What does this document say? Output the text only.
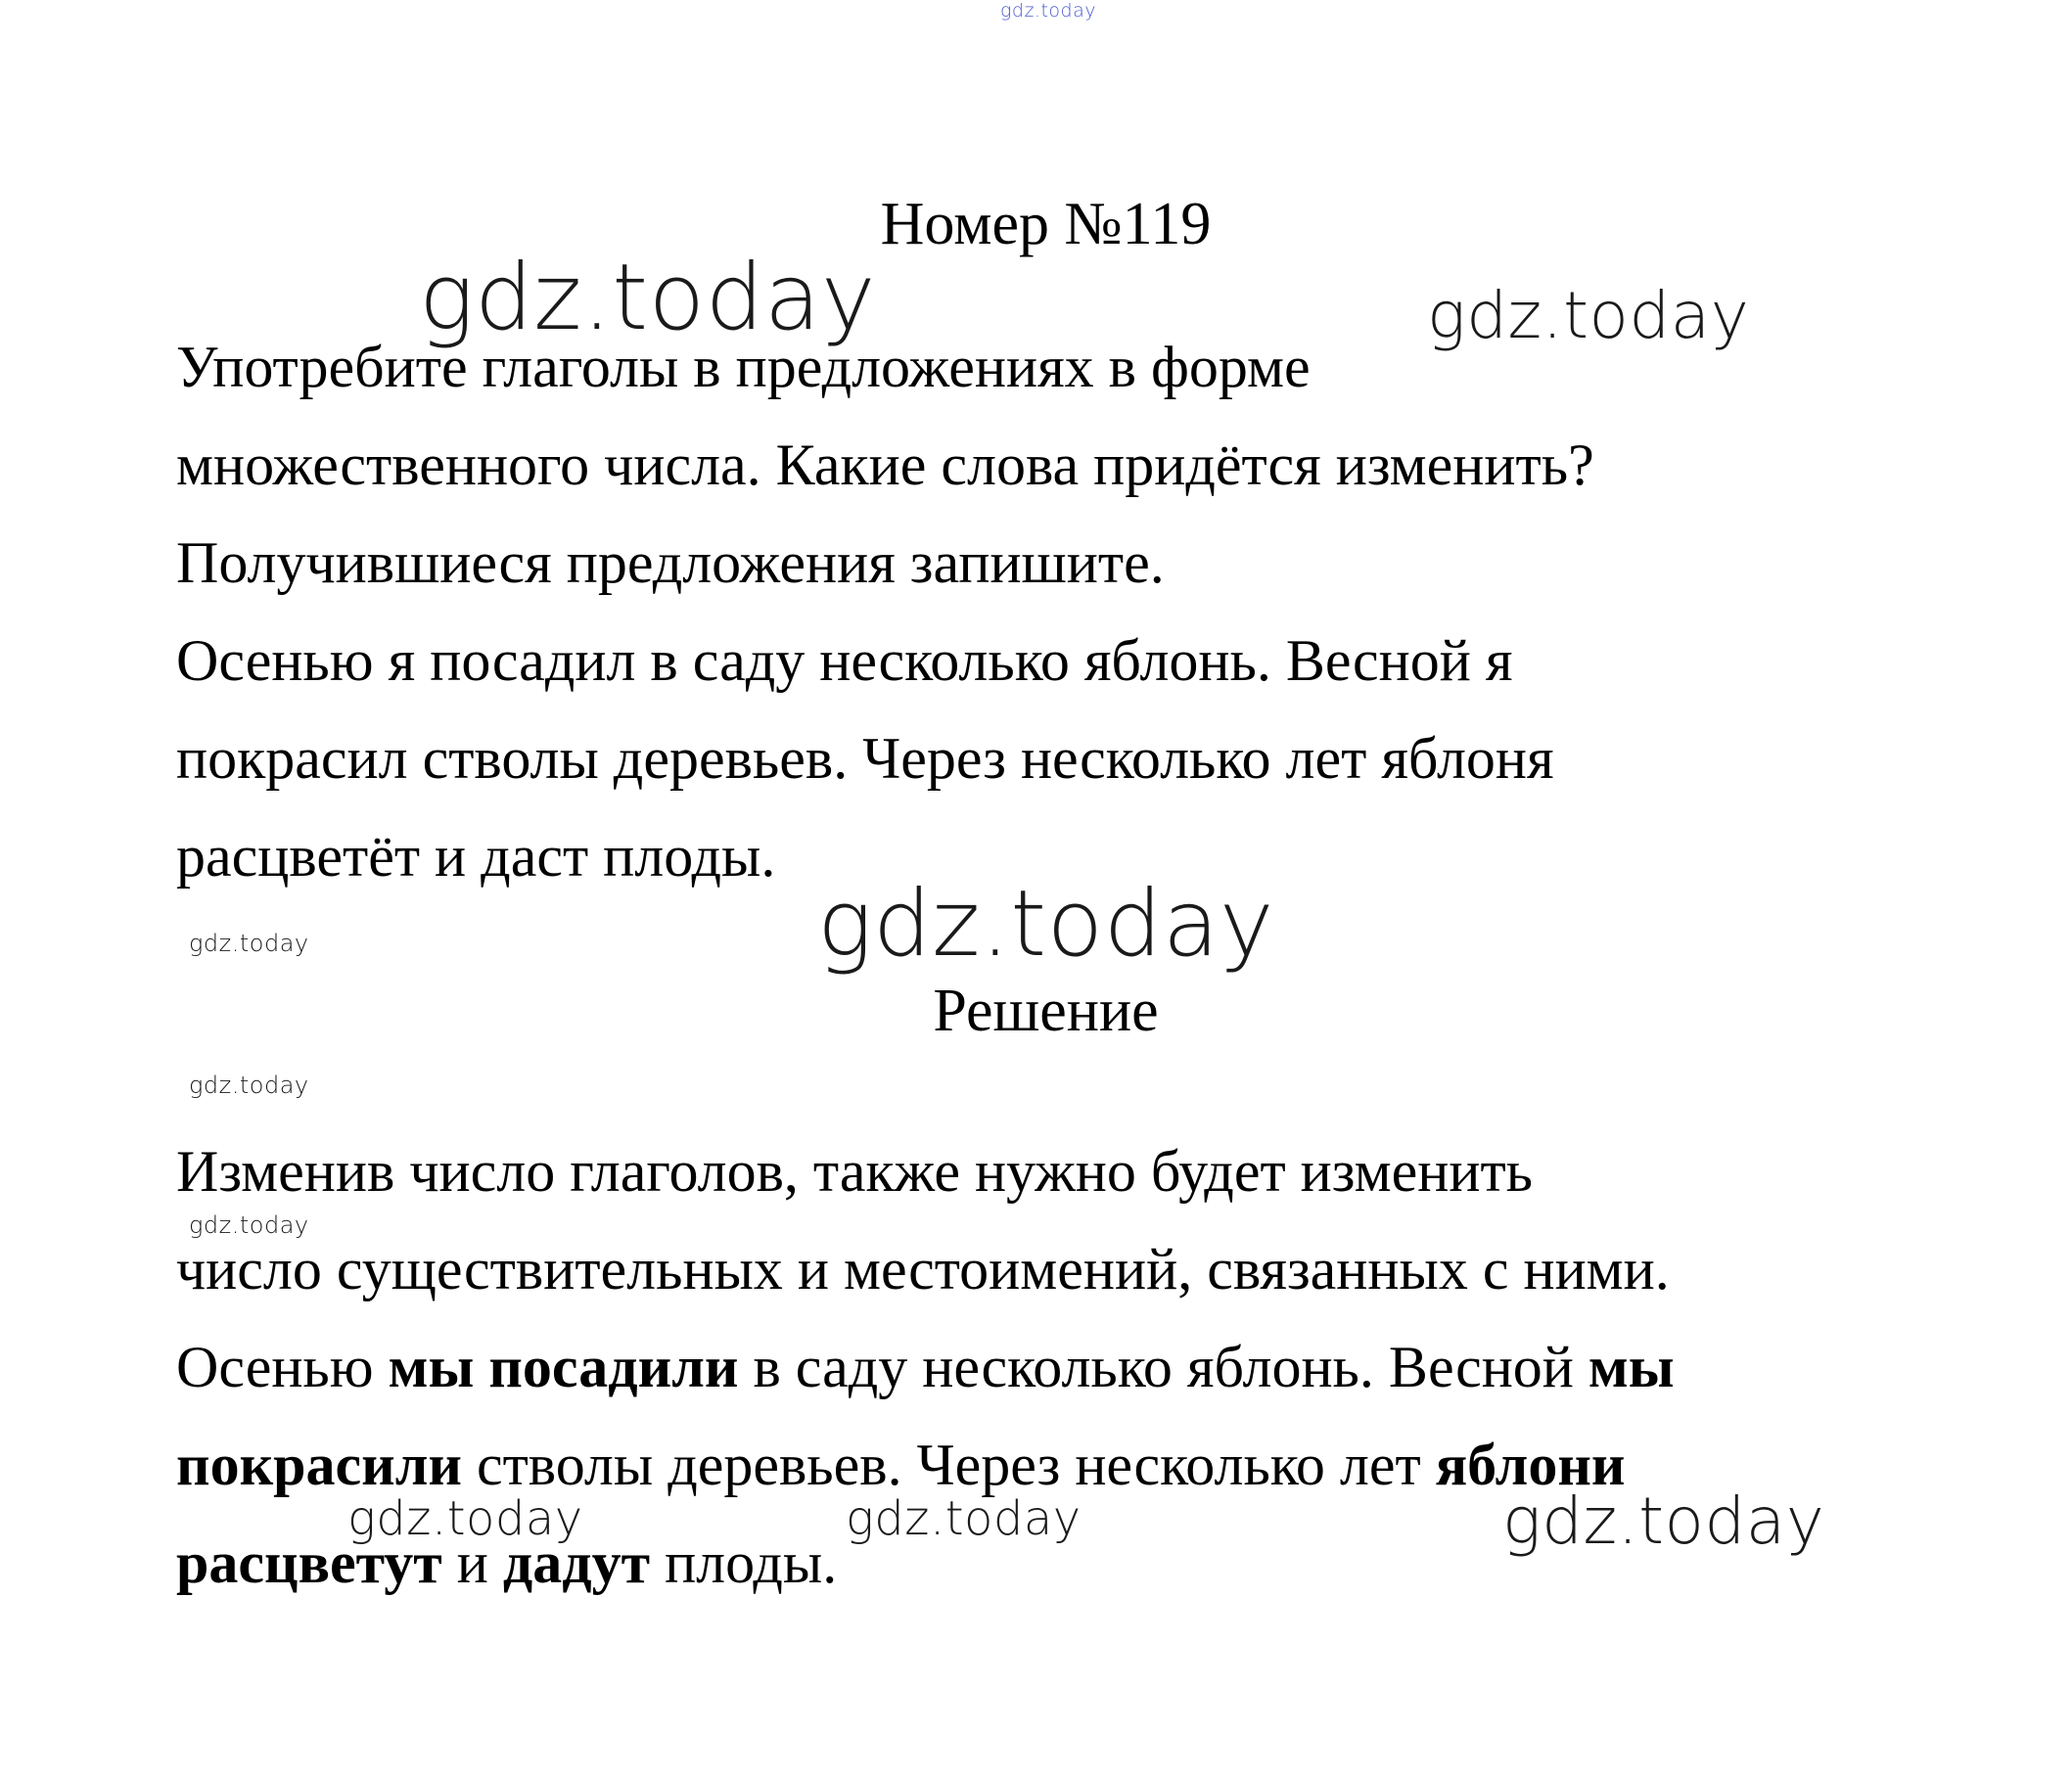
gdz.today
Номер №119
Употребите глаголы в предложениях в форме
множественного числа. Какие слова придётся изменить?
Получившиеся предложения запишите.
Осенью я посадил в саду несколько яблонь. Весной я
покрасил стволы деревьев. Через несколько лет яблоня
расцветёт и даст плоды.
Решение
Изменив число глаголов, также нужно будет изменить
число существительных и местоимений, связанных с ними.
Осенью мы посадили в саду несколько яблонь. Весной мы
покрасили стволы деревьев. Через несколько лет яблони
расцветут и дадут плоды.
gdz.today	gdz.today
gdz.today
gdz.today
gdz.today
gdz.today
gdz.today	gdz.today	gdz.today
